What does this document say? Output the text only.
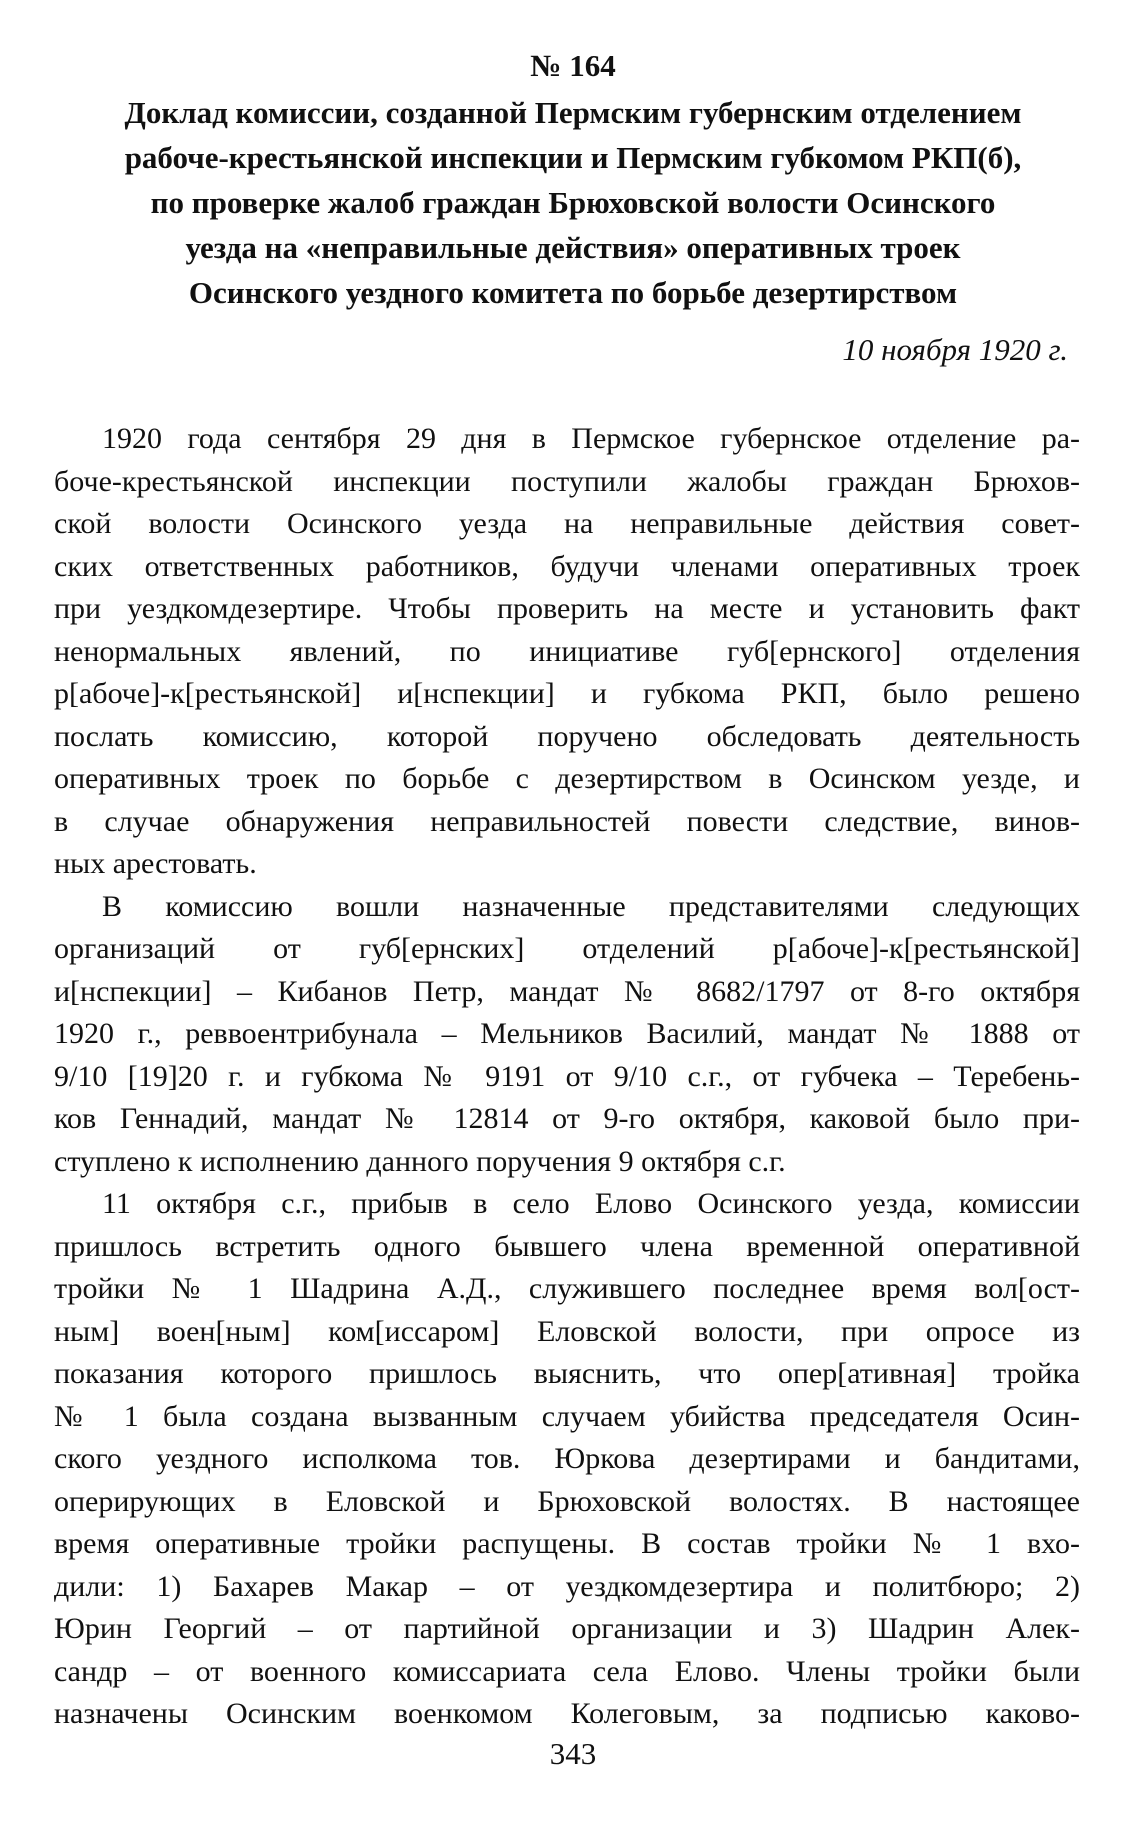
№ 164
Доклад комиссии, созданной Пермским губернским отделением
рабоче-крестьянской инспекции и Пермским губкомом РКП(б),
по проверке жалоб граждан Брюховской волости Осинского
уезда на «неправильные действия» оперативных троек
Осинского уездного комитета по борьбе дезертирством
10 ноября 1920 г.
1920 года сентября 29 дня в Пермское губернское отделение ра-
боче-крестьянской инспекции поступили жалобы граждан Брюхов-
ской волости Осинского уезда на неправильные действия совет-
ских ответственных работников, будучи членами оперативных троек
при уездкомдезертире. Чтобы проверить на месте и установить факт
ненормальных явлений, по инициативе губ[ернского] отделения
р[абоче]-к[рестьянской] и[нспекции] и губкома РКП, было решено
послать комиссию, которой поручено обследовать деятельность
оперативных троек по борьбе с дезертирством в Осинском уезде, и
в случае обнаружения неправильностей повести следствие, винов-
ных арестовать.
В комиссию вошли назначенные представителями следующих
организаций от губ[ернских] отделений р[абоче]-к[рестьянской]
и[нспекции] – Кибанов Петр, мандат № 8682/1797 от 8-го октября
1920 г., реввоентрибунала – Мельников Василий, мандат № 1888 от
9/10 [19]20 г. и губкома № 9191 от 9/10 с.г., от губчека – Теребень-
ков Геннадий, мандат № 12814 от 9-го октября, каковой было при-
ступлено к исполнению данного поручения 9 октября с.г.
11 октября с.г., прибыв в село Елово Осинского уезда, комиссии
пришлось встретить одного бывшего члена временной оперативной
тройки № 1 Шадрина А.Д., служившего последнее время вол[ост-
ным] воен[ным] ком[иссаром] Еловской волости, при опросе из
показания которого пришлось выяснить, что опер[ативная] тройка
№ 1 была создана вызванным случаем убийства председателя Осин-
ского уездного исполкома тов. Юркова дезертирами и бандитами,
оперирующих в Еловской и Брюховской волостях. В настоящее
время оперативные тройки распущены. В состав тройки № 1 вхо-
дили: 1) Бахарев Макар – от уездкомдезертира и политбюро; 2)
Юрин Георгий – от партийной организации и 3) Шадрин Алек-
сандр – от военного комиссариата села Елово. Члены тройки были
назначены Осинским военкомом Колеговым, за подписью каково-
343
